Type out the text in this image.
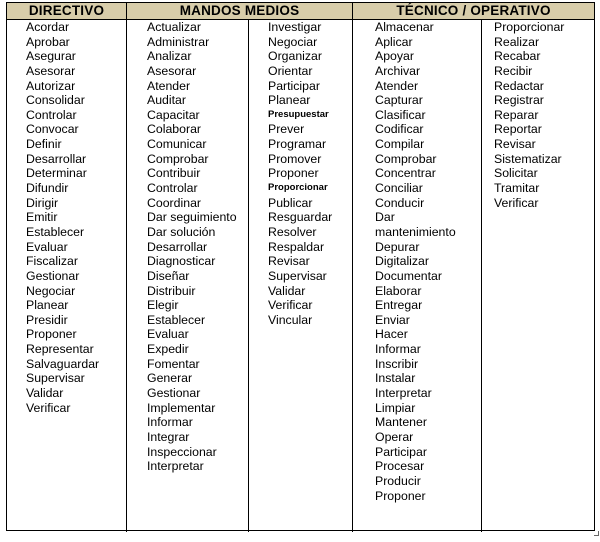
DIRECTIVO	MANDOS MEDIOS	TÉCNICO / OPERATIVO
Acordar
Aprobar
Asegurar
Asesorar
Autorizar
Consolidar
Controlar
Convocar
Definir
Desarrollar
Determinar
Difundir
Dirigir
Emitir
Establecer
Evaluar
Fiscalizar
Gestionar
Negociar
Planear
Presidir
Proponer
Representar
Salvaguardar
Supervisar
Validar
Verificar
Actualizar
Administrar
Analizar
Asesorar
Atender
Auditar
Capacitar
Colaborar
Comunicar
Comprobar
Contribuir
Controlar
Coordinar
Dar seguimiento
Dar solución
Desarrollar
Diagnosticar
Diseñar
Distribuir
Elegir
Establecer
Evaluar
Expedir
Fomentar
Generar
Gestionar
Implementar
Informar
Integrar
Inspeccionar
Interpretar
Investigar
Negociar
Organizar
Orientar
Participar
Planear
Presupuestar
Prever
Programar
Promover
Proponer
Proporcionar
Publicar
Resguardar
Resolver
Respaldar
Revisar
Supervisar
Validar
Verificar
Vincular
Almacenar
Aplicar
Apoyar
Archivar
Atender
Capturar
Clasificar
Codificar
Compilar
Comprobar
Concentrar
Conciliar
Conducir
Dar
mantenimiento
Depurar
Digitalizar
Documentar
Elaborar
Entregar
Enviar
Hacer
Informar
Inscribir
Instalar
Interpretar
Limpiar
Mantener
Operar
Participar
Procesar
Producir
Proponer
Proporcionar
Realizar
Recabar
Recibir
Redactar
Registrar
Reparar
Reportar
Revisar
Sistematizar
Solicitar
Tramitar
Verificar
